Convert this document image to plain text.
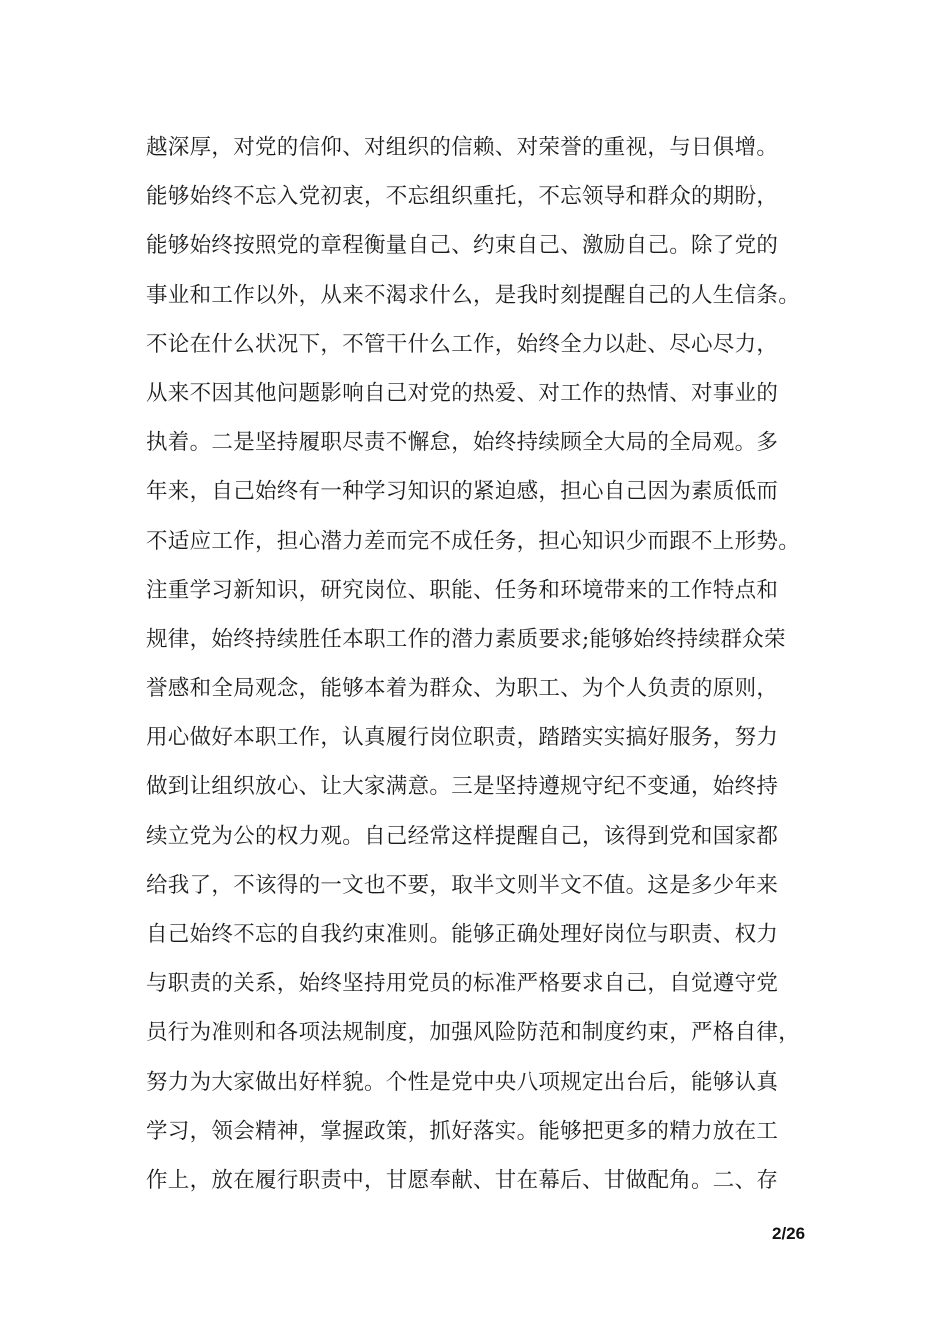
越深厚，对党的信仰、对组织的信赖、对荣誉的重视，与日俱增。
能够始终不忘入党初衷，不忘组织重托，不忘领导和群众的期盼，
能够始终按照党的章程衡量自己、约束自己、激励自己。除了党的
事业和工作以外，从来不渴求什么，是我时刻提醒自己的人生信条。
不论在什么状况下，不管干什么工作，始终全力以赴、尽心尽力，
从来不因其他问题影响自己对党的热爱、对工作的热情、对事业的
执着。二是坚持履职尽责不懈怠，始终持续顾全大局的全局观。多
年来，自己始终有一种学习知识的紧迫感，担心自己因为素质低而
不适应工作，担心潜力差而完不成任务，担心知识少而跟不上形势。
注重学习新知识，研究岗位、职能、任务和环境带来的工作特点和
规律，始终持续胜任本职工作的潜力素质要求;能够始终持续群众荣
誉感和全局观念，能够本着为群众、为职工、为个人负责的原则，
用心做好本职工作，认真履行岗位职责，踏踏实实搞好服务，努力
做到让组织放心、让大家满意。三是坚持遵规守纪不变通，始终持
续立党为公的权力观。自己经常这样提醒自己，该得到党和国家都
给我了，不该得的一文也不要，取半文则半文不值。这是多少年来
自己始终不忘的自我约束准则。能够正确处理好岗位与职责、权力
与职责的关系，始终坚持用党员的标准严格要求自己，自觉遵守党
员行为准则和各项法规制度，加强风险防范和制度约束，严格自律，
努力为大家做出好样貌。个性是党中央八项规定出台后，能够认真
学习，领会精神，掌握政策，抓好落实。能够把更多的精力放在工
作上，放在履行职责中，甘愿奉献、甘在幕后、甘做配角。二、存
2/26
